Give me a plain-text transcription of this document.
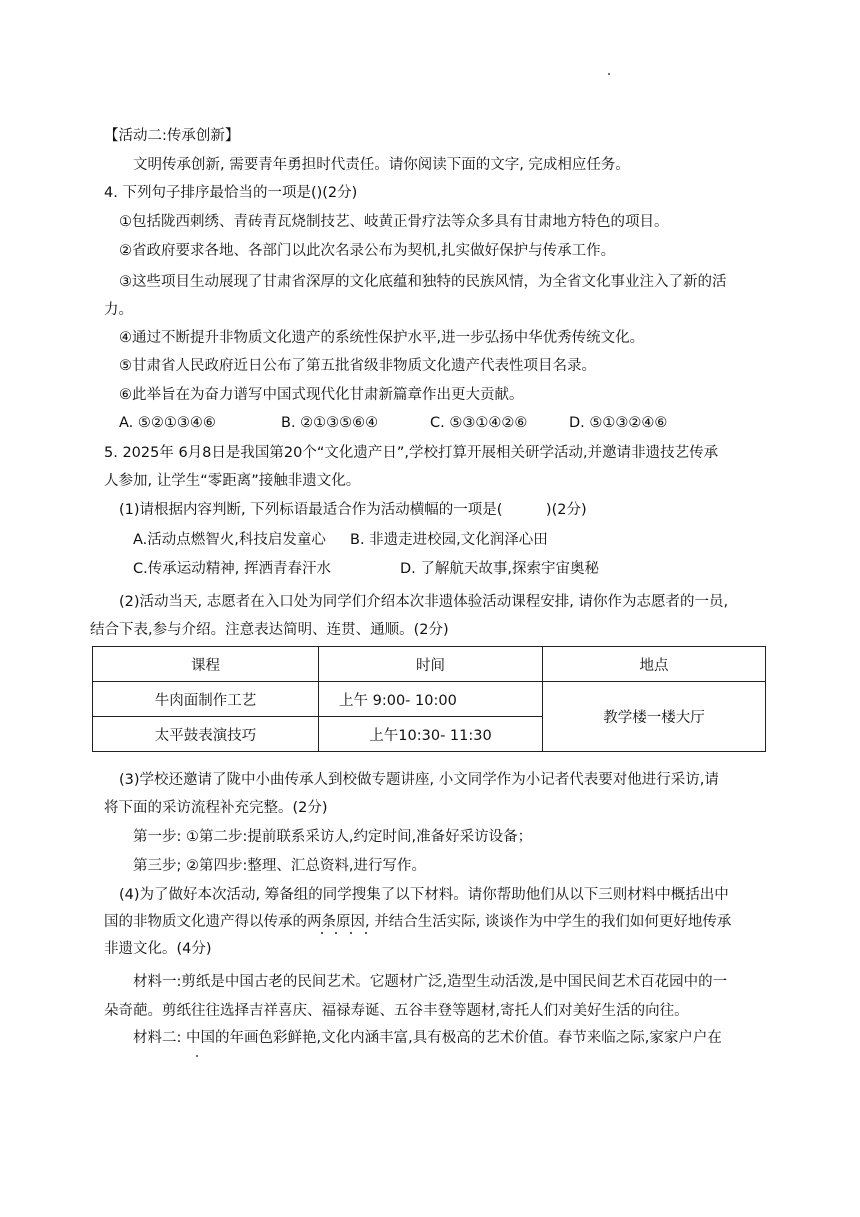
【活动二:传承创新】
文明传承创新, 需要青年勇担时代责任。请你阅读下面的文字, 完成相应任务。
4. 下列句子排序最恰当的一项是()(2分)
①包括陇西刺绣、青砖青瓦烧制技艺、岐黄正骨疗法等众多具有甘肃地方特色的项目。
②省政府要求各地、各部门以此次名录公布为契机,扎实做好保护与传承工作。
③这些项目生动展现了甘肃省深厚的文化底蕴和独特的民族风情，为全省文化事业注入了新的活
力。
④通过不断提升非物质文化遗产的系统性保护水平,进一步弘扬中华优秀传统文化。
⑤甘肃省人民政府近日公布了第五批省级非物质文化遗产代表性项目名录。
⑥此举旨在为奋力谱写中国式现代化甘肃新篇章作出更大贡献。
A. ⑤②①③④⑥	B. ②①③⑤⑥④	C. ⑤③①④②⑥	D. ⑤①③②④⑥
5. 2025年 6月8日是我国第20个“文化遗产日”,学校打算开展相关研学活动,并邀请非遗技艺传承
人参加, 让学生“零距离”接触非遗文化。
(1)请根据内容判断, 下列标语最适合作为活动横幅的一项是(　　　)(2分)
A.活动点燃智火,科技启发童心 B. 非遗走进校园,文化润泽心田
C.传承运动精神, 挥洒青春汗水	D. 了解航天故事,探索宇宙奥秘
(2)活动当天, 志愿者在入口处为同学们介绍本次非遗体验活动课程安排, 请你作为志愿者的一员,
结合下表,参与介绍。注意表达简明、连贯、通顺。(2分)
课程	时间	地点
牛肉面制作工艺	上午 9:00- 10:00	教学楼一楼大厅
太平鼓表演技巧	上午10:30- 11:30	
(3)学校还邀请了陇中小曲传承人到校做专题讲座, 小文同学作为小记者代表要对他进行采访,请
将下面的采访流程补充完整。(2分)
第一步: ①第二步:提前联系采访人,约定时间,准备好采访设备；
第三步; ②第四步:整理、汇总资料,进行写作。
(4)为了做好本次活动, 筹备组的同学搜集了以下材料。请你帮助他们从以下三则材料中概括出中
国的非物质文化遗产得以传承的两条原因, 并结合生活实际, 谈谈作为中学生的我们如何更好地传承
非遗文化。(4分)
材料一:剪纸是中国古老的民间艺术。它题材广泛,造型生动活泼,是中国民间艺术百花园中的一
朵奇葩。剪纸往往选择吉祥喜庆、福禄寿诞、五谷丰登等题材,寄托人们对美好生活的向往。
材料二: 中国的年画色彩鲜艳,文化内涵丰富,具有极高的艺术价值。春节来临之际,家家户户在
